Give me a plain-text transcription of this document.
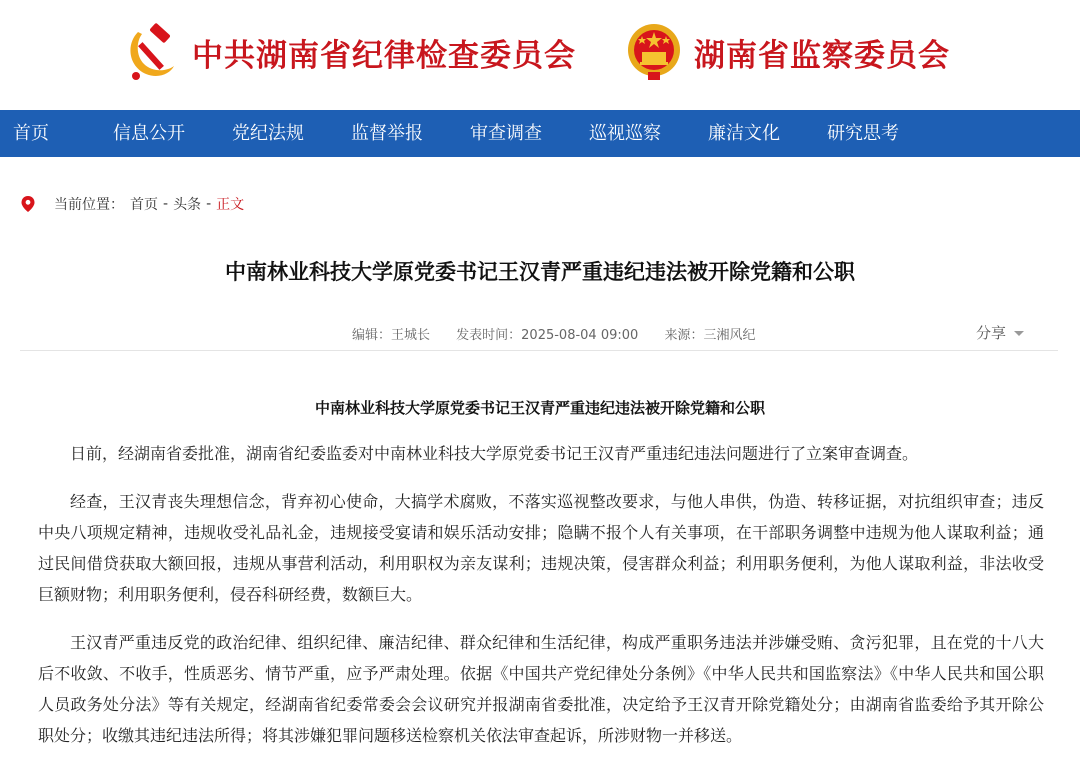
中共湖南省纪律检查委员会	湖南省监察委员会
首页	信息公开	党纪法规	监督举报	审查调查	巡视巡察	廉洁文化	研究思考
当前位置： 首页 - 头条 - 正文
中南林业科技大学原党委书记王汉青严重违纪违法被开除党籍和公职
编辑：王城长 发表时间：2025-08-04 09:00 来源：三湘风纪	分享
中南林业科技大学原党委书记王汉青严重违纪违法被开除党籍和公职

日前，经湖南省委批准，湖南省纪委监委对中南林业科技大学原党委书记王汉青严重违纪违法问题进行了立案审查调查。

经查，王汉青丧失理想信念，背弃初心使命，大搞学术腐败，不落实巡视整改要求，与他人串供，伪造、转移证据，对抗组织审查；违反中央八项规定精神，违规收受礼品礼金，违规接受宴请和娱乐活动安排；隐瞒不报个人有关事项，在干部职务调整中违规为他人谋取利益；通过民间借贷获取大额回报，违规从事营利活动，利用职权为亲友谋利；违规决策，侵害群众利益；利用职务便利，为他人谋取利益，非法收受巨额财物；利用职务便利，侵吞科研经费，数额巨大。

王汉青严重违反党的政治纪律、组织纪律、廉洁纪律、群众纪律和生活纪律，构成严重职务违法并涉嫌受贿、贪污犯罪，且在党的十八大后不收敛、不收手，性质恶劣、情节严重，应予严肃处理。依据《中国共产党纪律处分条例》《中华人民共和国监察法》《中华人民共和国公职人员政务处分法》等有关规定，经湖南省纪委常委会会议研究并报湖南省委批准，决定给予王汉青开除党籍处分；由湖南省监委给予其开除公职处分；收缴其违纪违法所得；将其涉嫌犯罪问题移送检察机关依法审查起诉，所涉财物一并移送。
